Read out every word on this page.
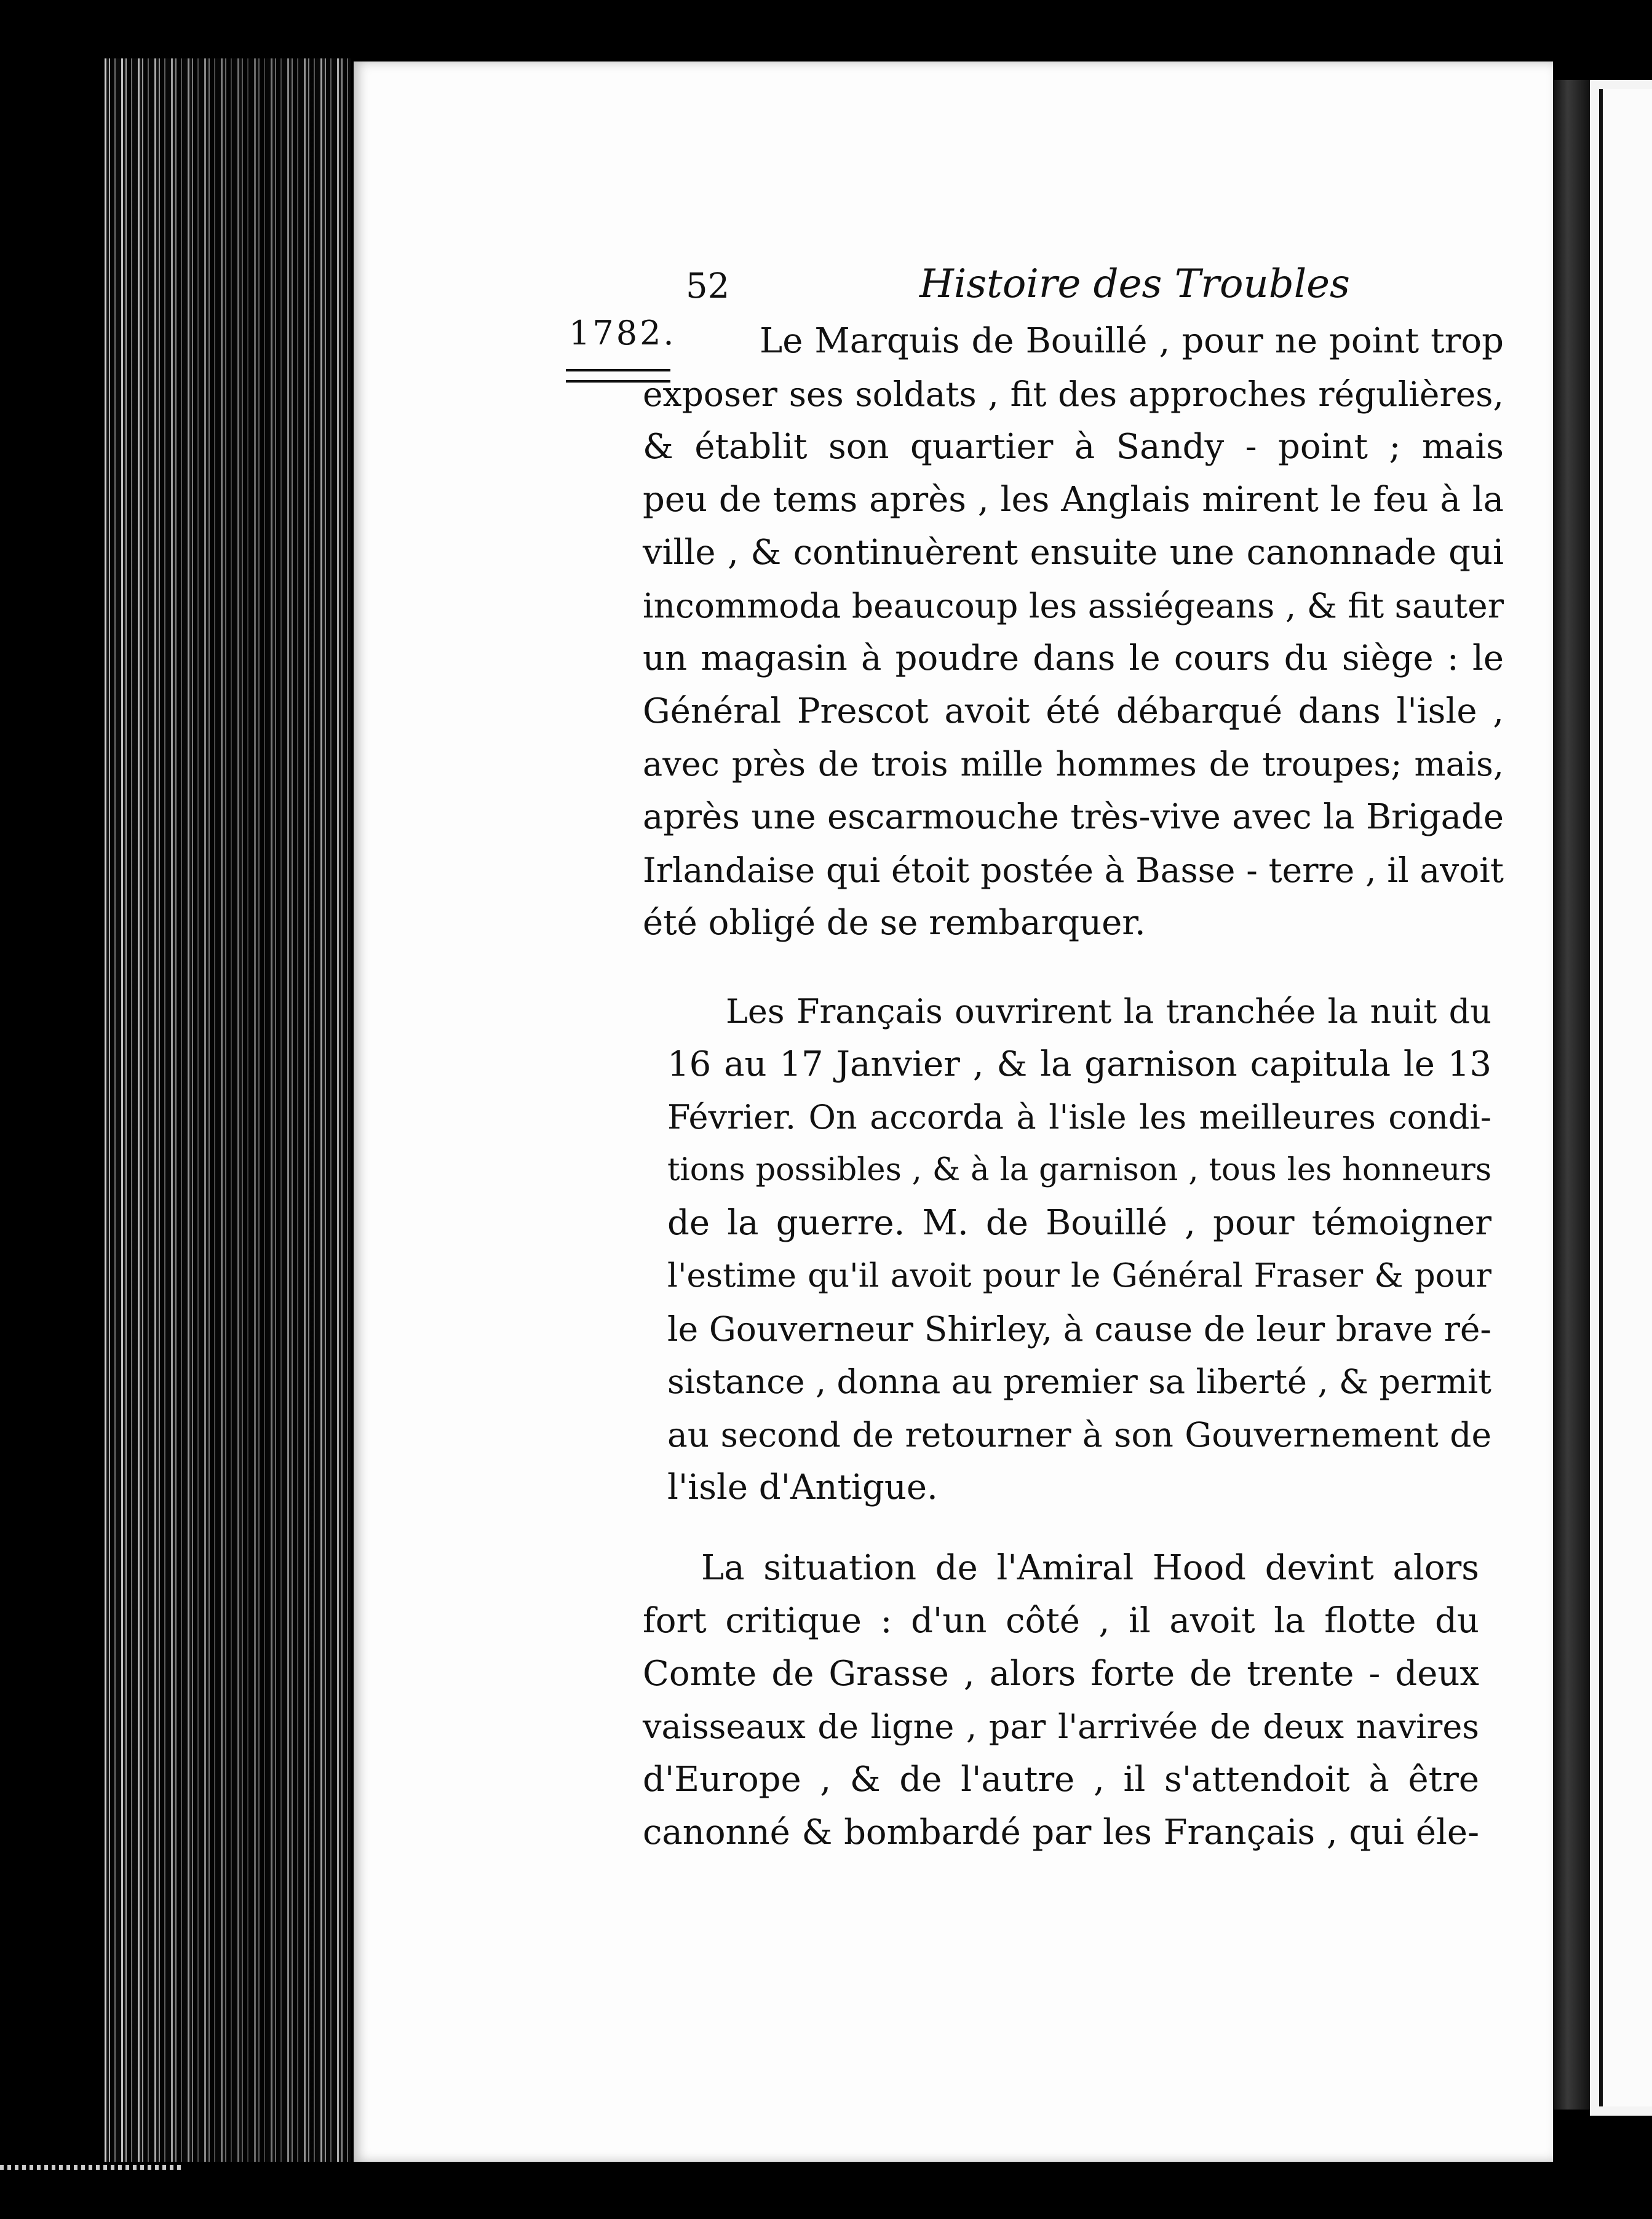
52	Histoire des Troubles
1782.	Le Marquis de Bouillé , pour ne point trop
exposer ses soldats , fit des approches régulières,
& établit son quartier à Sandy - point ; mais
peu de tems après , les Anglais mirent le feu à la
ville , & continuèrent ensuite une canonnade qui
incommoda beaucoup les assiégeans , & fit sauter
un magasin à poudre dans le cours du siège : le
Général Prescot avoit été débarqué dans l'isle ,
avec près de trois mille hommes de troupes; mais,
après une escarmouche très-vive avec la Brigade
Irlandaise qui étoit postée à Basse - terre , il avoit
été obligé de se rembarquer.
Les Français ouvrirent la tranchée la nuit du
16 au 17 Janvier , & la garnison capitula le 13
Février. On accorda à l'isle les meilleures condi-
tions possibles , & à la garnison , tous les honneurs
de la guerre. M. de Bouillé , pour témoigner
l'estime qu'il avoit pour le Général Fraser & pour
le Gouverneur Shirley, à cause de leur brave ré-
sistance , donna au premier sa liberté , & permit
au second de retourner à son Gouvernement de
l'isle d'Antigue.
La situation de l'Amiral Hood devint alors
fort critique : d'un côté , il avoit la flotte du
Comte de Grasse , alors forte de trente - deux
vaisseaux de ligne , par l'arrivée de deux navires
d'Europe , & de l'autre , il s'attendoit à être
canonné & bombardé par les Français , qui éle-
